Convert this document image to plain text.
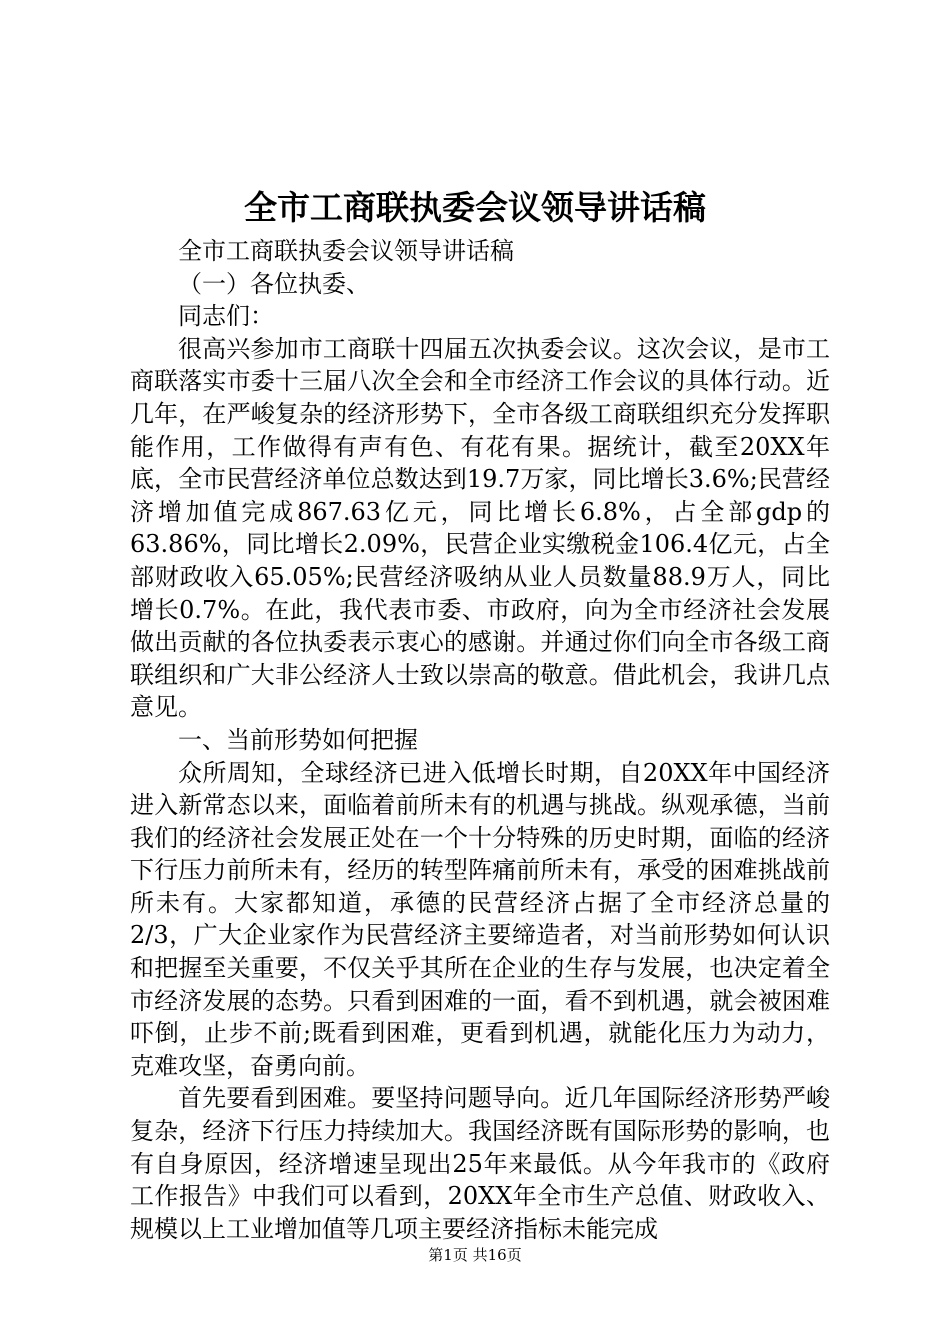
全市工商联执委会议领导讲话稿

全市工商联执委会议领导讲话稿

（一）各位执委、

同志们：

很高兴参加市工商联十四届五次执委会议。这次会议，是市工商联落实市委十三届八次全会和全市经济工作会议的具体行动。近几年，在严峻复杂的经济形势下，全市各级工商联组织充分发挥职能作用，工作做得有声有色、有花有果。据统计，截至20XX年底，全市民营经济单位总数达到19.7万家，同比增长3.6%;民营经济增加值完成867.63亿元，同比增长6.8%，占全部gdp的63.86%，同比增长2.09%，民营企业实缴税金106.4亿元，占全部财政收入65.05%;民营经济吸纳从业人员数量88.9万人，同比增长0.7%。在此，我代表市委、市政府，向为全市经济社会发展做出贡献的各位执委表示衷心的感谢。并通过你们向全市各级工商联组织和广大非公经济人士致以崇高的敬意。借此机会，我讲几点意见。

一、当前形势如何把握

众所周知，全球经济已进入低增长时期，自20XX年中国经济进入新常态以来，面临着前所未有的机遇与挑战。纵观承德，当前我们的经济社会发展正处在一个十分特殊的历史时期，面临的经济下行压力前所未有，经历的转型阵痛前所未有，承受的困难挑战前所未有。大家都知道，承德的民营经济占据了全市经济总量的2/3，广大企业家作为民营经济主要缔造者，对当前形势如何认识和把握至关重要，不仅关乎其所在企业的生存与发展，也决定着全市经济发展的态势。只看到困难的一面，看不到机遇，就会被困难吓倒，止步不前;既看到困难，更看到机遇，就能化压力为动力，克难攻坚，奋勇向前。

首先要看到困难。要坚持问题导向。近几年国际经济形势严峻复杂，经济下行压力持续加大。我国经济既有国际形势的影响，也有自身原因，经济增速呈现出25年来最低。从今年我市的《政府工作报告》中我们可以看到，20XX年全市生产总值、财政收入、规模以上工业增加值等几项主要经济指标未能完成

第1页 共16页
